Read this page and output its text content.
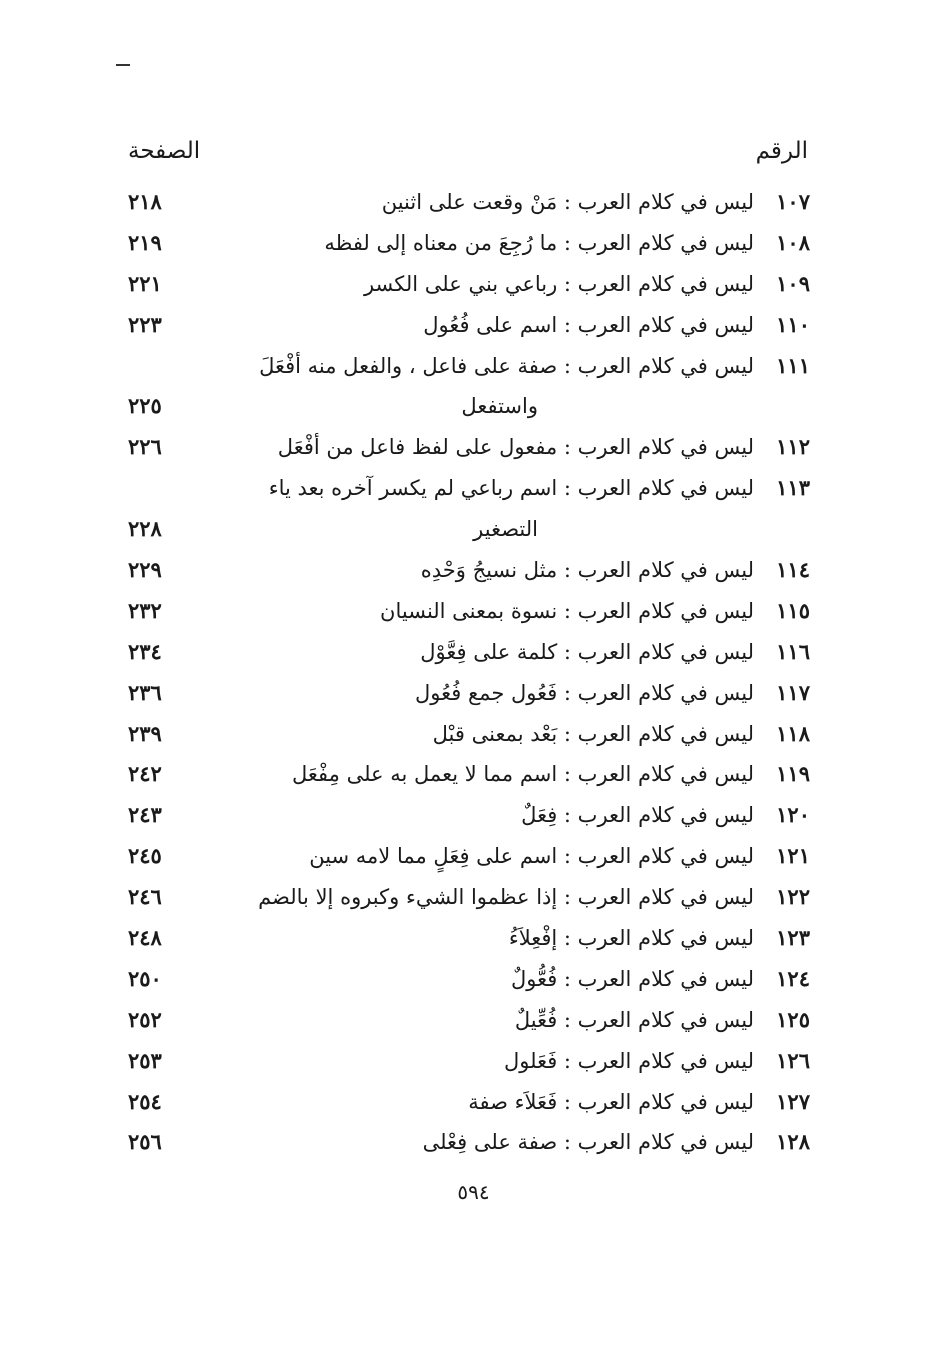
الرقم
الصفحة
١٠٧
ليس في كلام العرب : مَنْ وقعت على اثنين
٢١٨
١٠٨
ليس في كلام العرب : ما رُجِعَ من معناه إلى لفظه
٢١٩
١٠٩
ليس في كلام العرب : رباعي بني على الكسر
٢٢١
١١٠
ليس في كلام العرب : اسم على فُعُول
٢٢٣
١١١
ليس في كلام العرب : صفة على فاعل ، والفعل منه أفْعَلَ
واستفعل
٢٢٥
١١٢
ليس في كلام العرب : مفعول على لفظ فاعل من أفْعَل
٢٢٦
١١٣
ليس في كلام العرب : اسم رباعي لم يكسر آخره بعد ياء
التصغير
٢٢٨
١١٤
ليس في كلام العرب : مثل نسيجُ وَحْدِه
٢٢٩
١١٥
ليس في كلام العرب : نسوة بمعنى النسيان
٢٣٢
١١٦
ليس في كلام العرب : كلمة على فِعَّوْل
٢٣٤
١١٧
ليس في كلام العرب : فَعُول جمع فُعُول
٢٣٦
١١٨
ليس في كلام العرب : بَعْد بمعنى قبْل
٢٣٩
١١٩
ليس في كلام العرب : اسم مما لا يعمل به على مِفْعَل
٢٤٢
١٢٠
ليس في كلام العرب : فِعَلٌ
٢٤٣
١٢١
ليس في كلام العرب : اسم على فِعَلٍ مما لامه سين
٢٤٥
١٢٢
ليس في كلام العرب : إذا عظموا الشيء وكبروه إلا بالضم
٢٤٦
١٢٣
ليس في كلام العرب : إفْعِلاَءُ
٢٤٨
١٢٤
ليس في كلام العرب : فُعُّولٌ
٢٥٠
١٢٥
ليس في كلام العرب : فُعِّيلٌ
٢٥٢
١٢٦
ليس في كلام العرب : فَعَلول
٢٥٣
١٢٧
ليس في كلام العرب : فَعَلاَء صفة
٢٥٤
١٢٨
ليس في كلام العرب : صفة على فِعْلى
٢٥٦
٥٩٤
